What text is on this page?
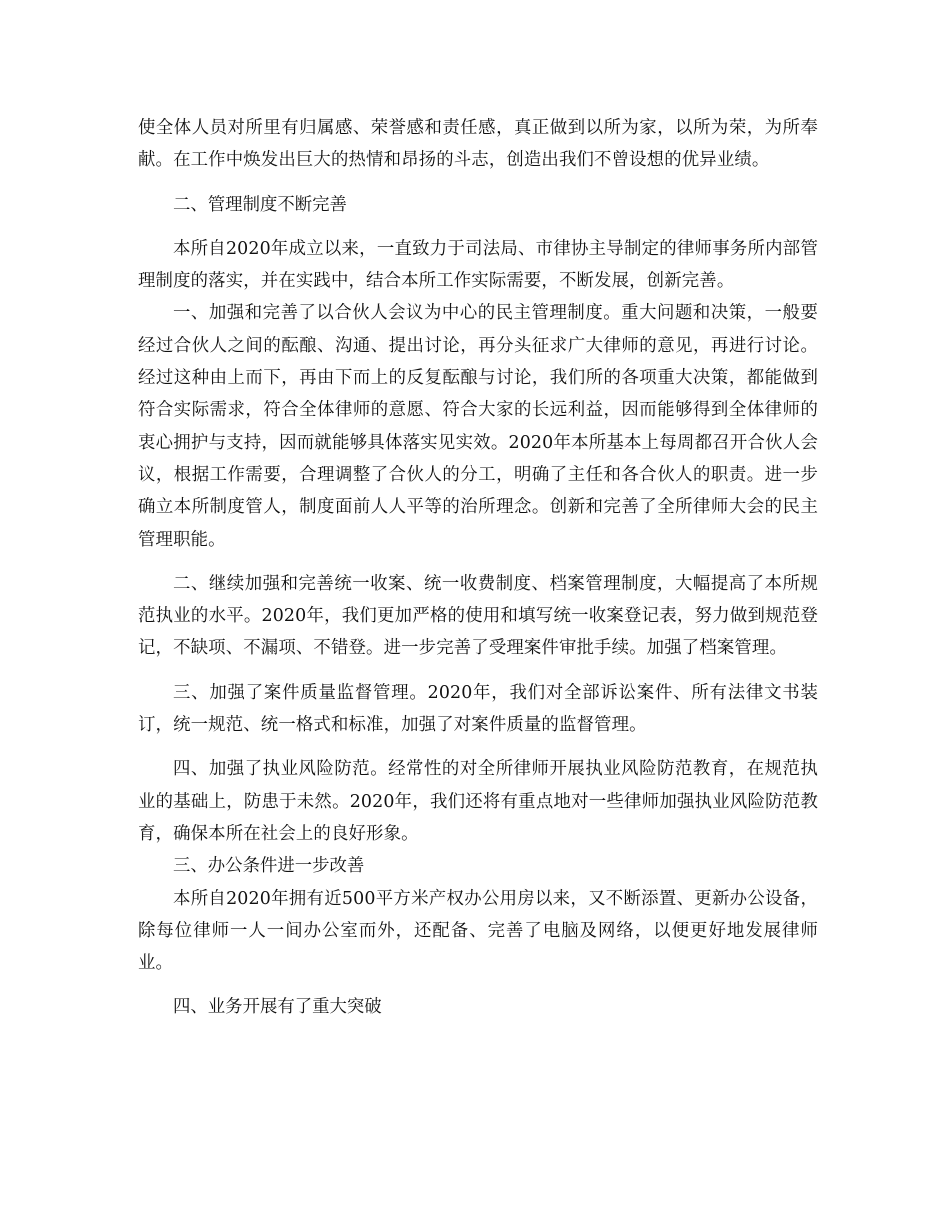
使全体人员对所里有归属感、荣誉感和责任感，真正做到以所为家，以所为荣，为所奉献。在工作中焕发出巨大的热情和昂扬的斗志，创造出我们不曾设想的优异业绩。

二、管理制度不断完善

本所自2020年成立以来，一直致力于司法局、市律协主导制定的律师事务所内部管理制度的落实，并在实践中，结合本所工作实际需要，不断发展，创新完善。

一、加强和完善了以合伙人会议为中心的民主管理制度。重大问题和决策，一般要经过合伙人之间的酝酿、沟通、提出讨论，再分头征求广大律师的意见，再进行讨论。经过这种由上而下，再由下而上的反复酝酿与讨论，我们所的各项重大决策，都能做到符合实际需求，符合全体律师的意愿、符合大家的长远利益，因而能够得到全体律师的衷心拥护与支持，因而就能够具体落实见实效。2020年本所基本上每周都召开合伙人会议，根据工作需要，合理调整了合伙人的分工，明确了主任和各合伙人的职责。进一步确立本所制度管人，制度面前人人平等的治所理念。创新和完善了全所律师大会的民主管理职能。

二、继续加强和完善统一收案、统一收费制度、档案管理制度，大幅提高了本所规范执业的水平。2020年，我们更加严格的使用和填写统一收案登记表，努力做到规范登记，不缺项、不漏项、不错登。进一步完善了受理案件审批手续。加强了档案管理。

三、加强了案件质量监督管理。2020年，我们对全部诉讼案件、所有法律文书装订，统一规范、统一格式和标准，加强了对案件质量的监督管理。

四、加强了执业风险防范。经常性的对全所律师开展执业风险防范教育，在规范执业的基础上，防患于未然。2020年，我们还将有重点地对一些律师加强执业风险防范教育，确保本所在社会上的良好形象。

三、办公条件进一步改善

本所自2020年拥有近500平方米产权办公用房以来，又不断添置、更新办公设备，除每位律师一人一间办公室而外，还配备、完善了电脑及网络，以便更好地发展律师业。

四、业务开展有了重大突破
